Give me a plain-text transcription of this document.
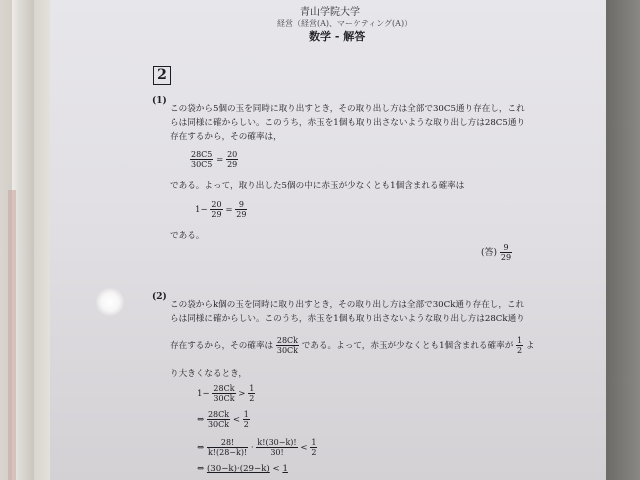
青山学院大学
経営（経営(A)、マーケティング(A)）
数学 - 解答
2
(1)
この袋から5個の玉を同時に取り出すとき，その取り出し方は全部で30C5通り存在し，これ
らは同様に確からしい。このうち，赤玉を1個も取り出さないような取り出し方は28C5通り
存在するから，その確率は，
$\frac{28C5}{30C5} = \frac{20}{29}$
である。よって，取り出した5個の中に赤玉が少なくとも1個含まれる確率は
$1- \frac{20}{29} = \frac{9}{29}$
である。
(答) $\frac{9}{29}$
(2)
この袋からk個の玉を同時に取り出すとき，その取り出し方は全部で30Ck通り存在し，これ
らは同様に確からしい。このうち，赤玉を1個も取り出さないような取り出し方は28Ck通り
存在するから，その確率は $\frac{28Ck}{30Ck}$ である。よって，赤玉が少なくとも1個含まれる確率が $\frac{1}{2}$ よ
り大きくなるとき，
$1- \frac{28Ck}{30Ck} > \frac{1}{2}$
⇔ $\frac{28Ck}{30Ck} < \frac{1}{2}$
⇔ $\frac{28!}{k!(28-k)!} \cdot \frac{k!(30-k)!}{30!} < \frac{1}{2}$
⇔ (30−k)·(29−k) < 1
